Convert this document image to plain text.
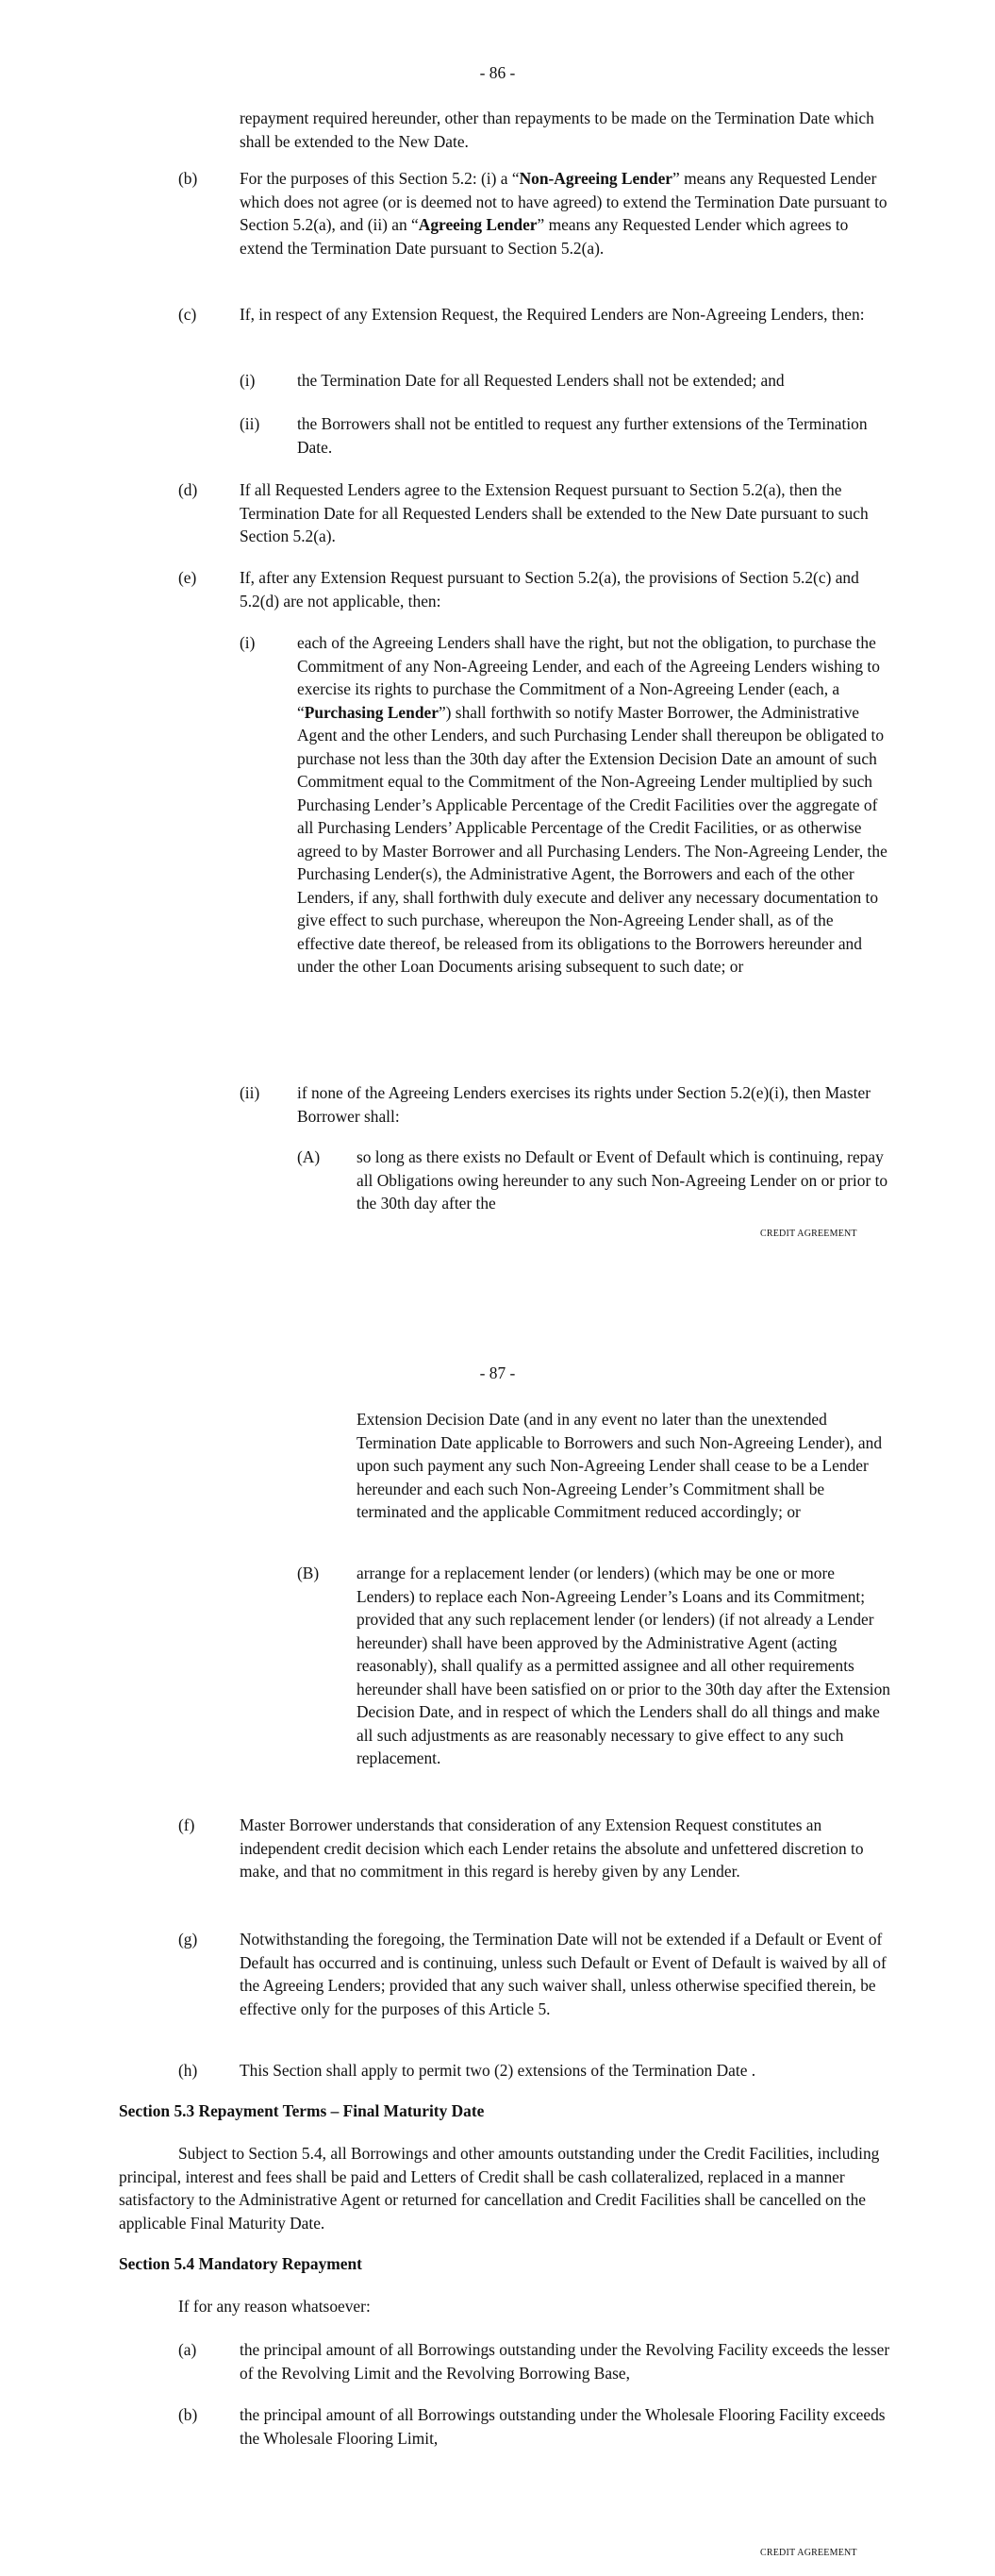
- 86 -
repayment required hereunder, other than repayments to be made on the Termination Date which shall be extended to the New Date.
(b)	For the purposes of this Section 5.2: (i) a “Non-Agreeing Lender” means any Requested Lender which does not agree (or is deemed not to have agreed) to extend the Termination Date pursuant to Section 5.2(a), and (ii) an “Agreeing Lender” means any Requested Lender which agrees to extend the Termination Date pursuant to Section 5.2(a).
(c)	If, in respect of any Extension Request, the Required Lenders are Non-Agreeing Lenders, then:
(i)	the Termination Date for all Requested Lenders shall not be extended; and
(ii) the Borrowers shall not be entitled to request any further extensions of the Termination Date.
(d)	If all Requested Lenders agree to the Extension Request pursuant to Section 5.2(a), then the Termination Date for all Requested Lenders shall be extended to the New Date pursuant to such Section 5.2(a).
(e)	If, after any Extension Request pursuant to Section 5.2(a), the provisions of Section 5.2(c) and 5.2(d) are not applicable, then:
(i)	each of the Agreeing Lenders shall have the right, but not the obligation, to purchase the Commitment of any Non-Agreeing Lender, and each of the Agreeing Lenders wishing to exercise its rights to purchase the Commitment of a Non-Agreeing Lender (each, a “Purchasing Lender”) shall forthwith so notify Master Borrower, the Administrative Agent and the other Lenders, and such Purchasing Lender shall thereupon be obligated to purchase not less than the 30th day after the Extension Decision Date an amount of such Commitment equal to the Commitment of the Non-Agreeing Lender multiplied by such Purchasing Lender’s Applicable Percentage of the Credit Facilities over the aggregate of all Purchasing Lenders’ Applicable Percentage of the Credit Facilities, or as otherwise agreed to by Master Borrower and all Purchasing Lenders. The Non-Agreeing Lender, the Purchasing Lender(s), the Administrative Agent, the Borrowers and each of the other Lenders, if any, shall forthwith duly execute and deliver any necessary documentation to give effect to such purchase, whereupon the Non-Agreeing Lender shall, as of the effective date thereof, be released from its obligations to the Borrowers hereunder and under the other Loan Documents arising subsequent to such date; or
(ii) if none of the Agreeing Lenders exercises its rights under Section 5.2(e)(i), then Master Borrower shall:
(A) so long as there exists no Default or Event of Default which is continuing, repay all Obligations owing hereunder to any such Non-Agreeing Lender on or prior to the 30th day after the
CREDIT AGREEMENT
- 87 -
Extension Decision Date (and in any event no later than the unextended Termination Date applicable to Borrowers and such Non-Agreeing Lender), and upon such payment any such Non-Agreeing Lender shall cease to be a Lender hereunder and each such Non-Agreeing Lender’s Commitment shall be terminated and the applicable Commitment reduced accordingly; or
(B) arrange for a replacement lender (or lenders) (which may be one or more Lenders) to replace each Non-Agreeing Lender’s Loans and its Commitment; provided that any such replacement lender (or lenders) (if not already a Lender hereunder) shall have been approved by the Administrative Agent (acting reasonably), shall qualify as a permitted assignee and all other requirements hereunder shall have been satisfied on or prior to the 30th day after the Extension Decision Date, and in respect of which the Lenders shall do all things and make all such adjustments as are reasonably necessary to give effect to any such replacement.
(f)	Master Borrower understands that consideration of any Extension Request constitutes an independent credit decision which each Lender retains the absolute and unfettered discretion to make, and that no commitment in this regard is hereby given by any Lender.
(g)	Notwithstanding the foregoing, the Termination Date will not be extended if a Default or Event of Default has occurred and is continuing, unless such Default or Event of Default is waived by all of the Agreeing Lenders; provided that any such waiver shall, unless otherwise specified therein, be effective only for the purposes of this Article 5.
(h)	This Section shall apply to permit two (2) extensions of the Termination Date .
Section 5.3 Repayment Terms – Final Maturity Date
Subject to Section 5.4, all Borrowings and other amounts outstanding under the Credit Facilities, including principal, interest and fees shall be paid and Letters of Credit shall be cash collateralized, replaced in a manner satisfactory to the Administrative Agent or returned for cancellation and Credit Facilities shall be cancelled on the applicable Final Maturity Date.
Section 5.4 Mandatory Repayment
If for any reason whatsoever:
(a)	the principal amount of all Borrowings outstanding under the Revolving Facility exceeds the lesser of the Revolving Limit and the Revolving Borrowing Base,
(b)	the principal amount of all Borrowings outstanding under the Wholesale Flooring Facility exceeds the Wholesale Flooring Limit,
CREDIT AGREEMENT
